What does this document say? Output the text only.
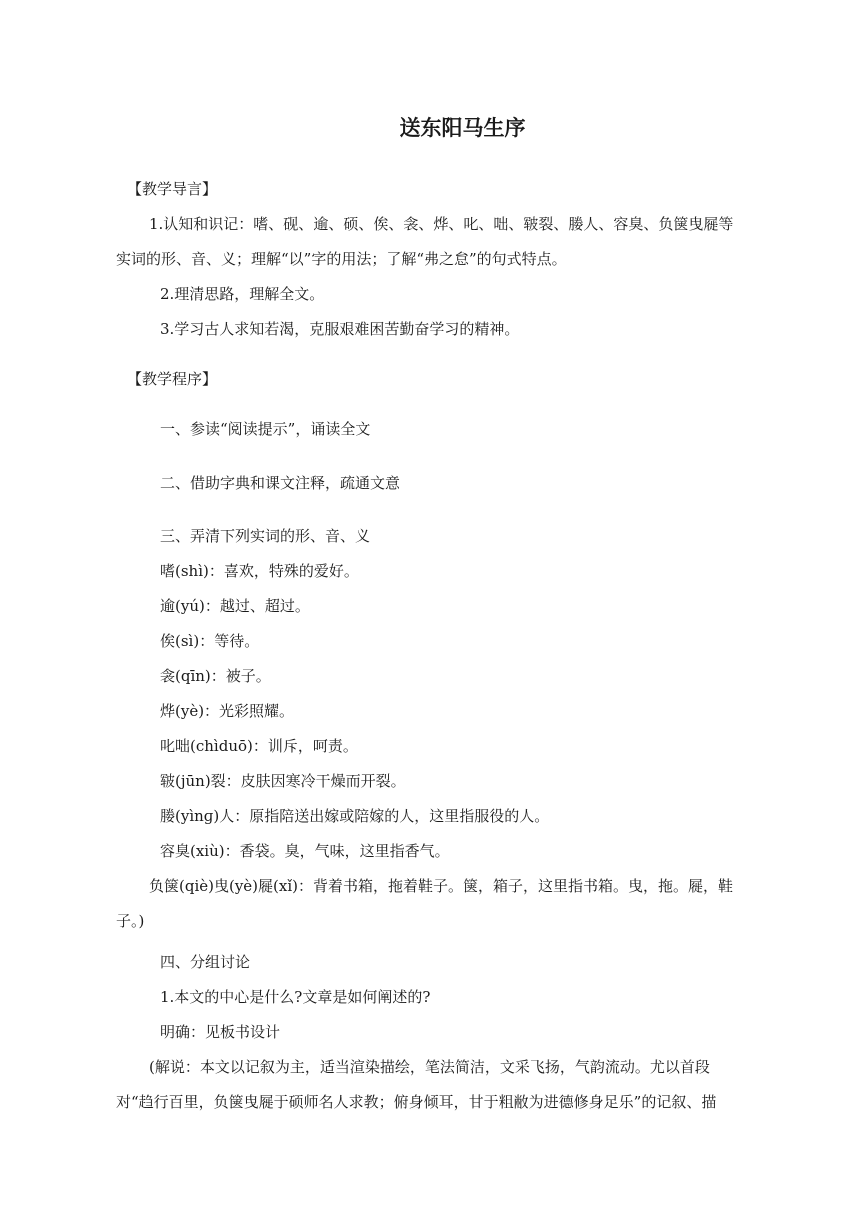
送东阳马生序

【教学导言】

1.认知和识记：嗜、砚、逾、硕、俟、衾、烨、叱、咄、皲裂、媵人、容臭、负箧曳屣等实词的形、音、义；理解“以”字的用法；了解“弗之怠”的句式特点。

2.理清思路，理解全文。

3.学习古人求知若渴，克服艰难困苦勤奋学习的精神。

【教学程序】

一、参读“阅读提示”，诵读全文

二、借助字典和课文注释，疏通文意

三、弄清下列实词的形、音、义

嗜(shì)：喜欢，特殊的爱好。

逾(yú)：越过、超过。

俟(sì)：等待。

衾(qīn)：被子。

烨(yè)：光彩照耀。

叱咄(chìduō)：训斥，呵责。

皲(jūn)裂：皮肤因寒冷干燥而开裂。

媵(yìnɡ)人：原指陪送出嫁或陪嫁的人，这里指服役的人。

容臭(xiù)：香袋。臭，气味，这里指香气。

负箧(qiè)曳(yè)屣(xǐ)：背着书箱，拖着鞋子。箧，箱子，这里指书箱。曳，拖。屣，鞋子。)

四、分组讨论

1.本文的中心是什么?文章是如何阐述的?

明确：见板书设计

(解说：本文以记叙为主，适当渲染描绘，笔法简洁，文采飞扬，气韵流动。尤以首段对“趋行百里，负箧曳屣于硕师名人求教；俯身倾耳，甘于粗敝为进德修身足乐”的记叙、描
